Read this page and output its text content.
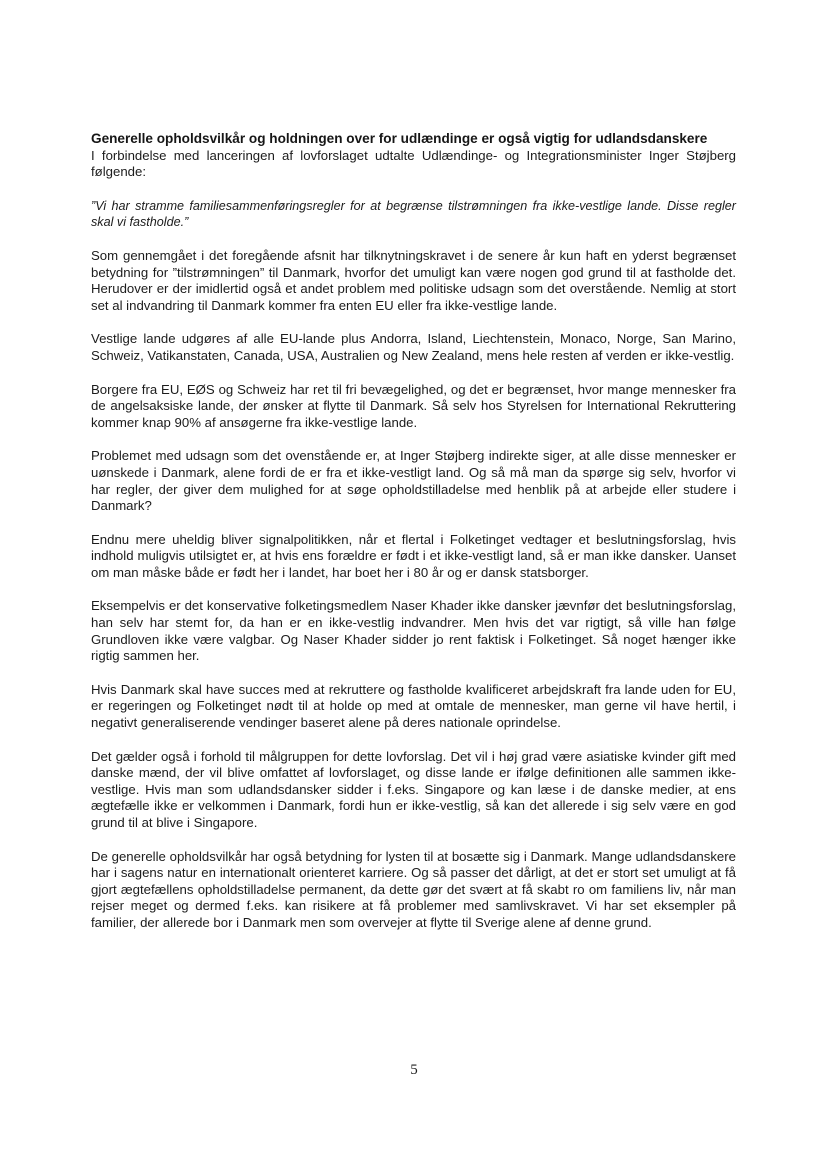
Generelle opholdsvilkår og holdningen over for udlændinge er også vigtig for udlandsdanskere

I forbindelse med lanceringen af lovforslaget udtalte Udlændinge- og Integrationsminister Inger Støjberg følgende:

”Vi har stramme familiesammenføringsregler for at begrænse tilstrømningen fra ikke-vestlige lande. Disse regler skal vi fastholde.”

Som gennemgået i det foregående afsnit har tilknytningskravet i de senere år kun haft en yderst begrænset betydning for ”tilstrømningen” til Danmark, hvorfor det umuligt kan være nogen god grund til at fastholde det. Herudover er der imidlertid også et andet problem med politiske udsagn som det overstående. Nemlig at stort set al indvandring til Danmark kommer fra enten EU eller fra ikke-vestlige lande.

Vestlige lande udgøres af alle EU-lande plus Andorra, Island, Liechtenstein, Monaco, Norge, San Marino, Schweiz, Vatikanstaten, Canada, USA, Australien og New Zealand, mens hele resten af verden er ikke-vestlig.

Borgere fra EU, EØS og Schweiz har ret til fri bevægelighed, og det er begrænset, hvor mange mennesker fra de angelsaksiske lande, der ønsker at flytte til Danmark. Så selv hos Styrelsen for International Rekruttering kommer knap 90% af ansøgerne fra ikke-vestlige lande.

Problemet med udsagn som det ovenstående er, at Inger Støjberg indirekte siger, at alle disse mennesker er uønskede i Danmark, alene fordi de er fra et ikke-vestligt land. Og så må man da spørge sig selv, hvorfor vi har regler, der giver dem mulighed for at søge opholdstilladelse med henblik på at arbejde eller studere i Danmark?

Endnu mere uheldig bliver signalpolitikken, når et flertal i Folketinget vedtager et beslutningsforslag, hvis indhold muligvis utilsigtet er, at hvis ens forældre er født i et ikke-vestligt land, så er man ikke dansker. Uanset om man måske både er født her i landet, har boet her i 80 år og er dansk statsborger.

Eksempelvis er det konservative folketingsmedlem Naser Khader ikke dansker jævnfør det beslutningsforslag, han selv har stemt for, da han er en ikke-vestlig indvandrer. Men hvis det var rigtigt, så ville han følge Grundloven ikke være valgbar. Og Naser Khader sidder jo rent faktisk i Folketinget. Så noget hænger ikke rigtig sammen her.

Hvis Danmark skal have succes med at rekruttere og fastholde kvalificeret arbejdskraft fra lande uden for EU, er regeringen og Folketinget nødt til at holde op med at omtale de mennesker, man gerne vil have hertil, i negativt generaliserende vendinger baseret alene på deres nationale oprindelse.

Det gælder også i forhold til målgruppen for dette lovforslag. Det vil i høj grad være asiatiske kvinder gift med danske mænd, der vil blive omfattet af lovforslaget, og disse lande er ifølge definitionen alle sammen ikke-vestlige. Hvis man som udlandsdansker sidder i f.eks. Singapore og kan læse i de danske medier, at ens ægtefælle ikke er velkommen i Danmark, fordi hun er ikke-vestlig, så kan det allerede i sig selv være en god grund til at blive i Singapore.

De generelle opholdsvilkår har også betydning for lysten til at bosætte sig i Danmark. Mange udlandsdanskere har i sagens natur en internationalt orienteret karriere. Og så passer det dårligt, at det er stort set umuligt at få gjort ægtefællens opholdstilladelse permanent, da dette gør det svært at få skabt ro om familiens liv, når man rejser meget og dermed f.eks. kan risikere at få problemer med samlivskravet. Vi har set eksempler på familier, der allerede bor i Danmark men som overvejer at flytte til Sverige alene af denne grund.

5
